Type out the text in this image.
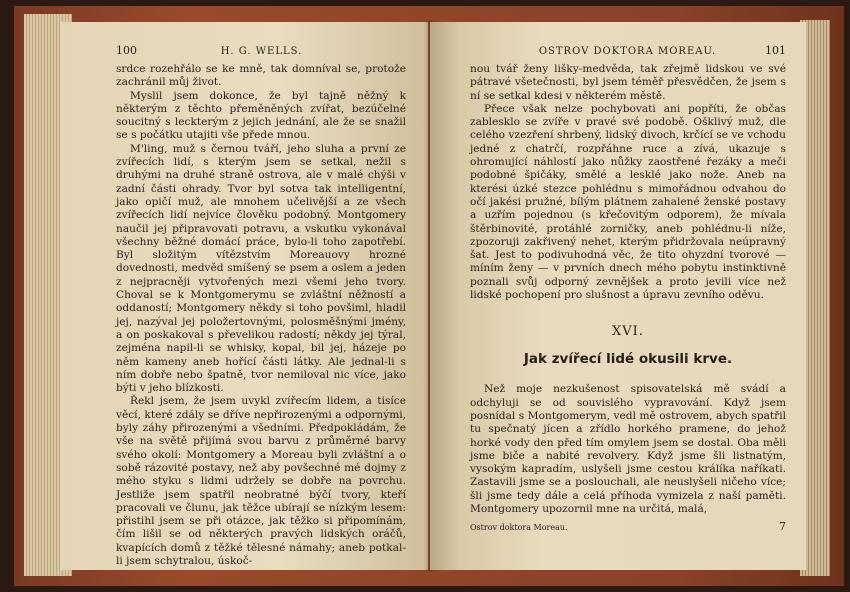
100	H. G. WELLS.

srdce rozehřálo se ke mně, tak domníval se, protože zachránil můj život.

Myslil jsem dokonce, že byl tajně něžný k některým z těchto přeměněných zvířat, bezúčelné soucitný s leckterým z jejich jednání, ale že se snažil se s počátku utajiti vše přede mnou.

M'ling, muž s černou tváří, jeho sluha a první ze zvířecích lidí, s kterým jsem se setkal, nežil s druhými na druhé straně ostrova, ale v malé chýši v zadní části ohrady. Tvor byl sotva tak intelligentní, jako opičí muž, ale mnohem učelivější a ze všech zvířecích lidí nejvíce člověku podobný. Montgomery naučil jej připravovati potravu, a vskutku vykonával všechny běžné domácí práce, bylo-li toho zapotřebí. Byl složitým vítězstvím Moreauovy hrozné dovednosti, medvěd smíšený se psem a oslem a jeden z nejpracněji vytvořených mezi všemi jeho tvory. Choval se k Montgomerymu se zvláštní něžností a oddaností; Montgomery někdy si toho povšiml, hladil jej, nazýval jej položertovnými, polosměšnými jmény, a on poskakoval s převelikou radostí; někdy jej týral, zejména napil-li se whisky, kopal, bil jej, házeje po něm kameny aneb hořící části látky. Ale jednal-li s ním dobře nebo špatně, tvor nemiloval nic více, jako býti v jeho blízkosti.

Řekl jsem, že jsem uvykl zvířecím lidem, a tisíce věcí, které zdály se dříve nepřirozenými a odpornými, byly záhy přirozenými a všedními. Předpokládám, že vše na světě přijímá svou barvu z průměrné barvy svého okolí: Montgomery a Moreau byli zvláštní a o sobě rázovité postavy, než aby povšechné mé dojmy z mého styku s lidmi udržely se dobře na povrchu. Jestliže jsem spatřil neobratné býčí tvory, kteří pracovali ve člunu, jak těžce ubírají se nízkým lesem: přistihl jsem se při otázce, jak těžko si připomínám, čím lišil se od některých pravých lidských oráčů, kvapících domů z těžké tělesné námahy; aneb potkal-li jsem schytralou, úskoč-

OSTROV DOKTORA MOREAU.	101

nou tvář ženy lišky-medvěda, tak zřejmě lidskou ve své pátravé všetečnosti, byl jsem téměř přesvědčen, že jsem s ní se setkal kdesi v některém městě.

Přece však nelze pochybovati ani popříti, že občas zablesklo se zvíře v pravé své podobě. Ošklivý muž, dle celého vzezření shrbený, lidský divoch, krčící se ve vchodu jedné z chatrčí, rozpřáhne ruce a zívá, ukazuje s ohromující náhlostí jako nůžky zaostřené řezáky a meči podobné špičáky, smělé a lesklé jako nože. Aneb na kterési úzké stezce pohlédnu s mimořádnou odvahou do očí jakési pružné, bílým plátnem zahalené ženské postavy a uzřím pojednou (s křečovitým odporem), že mívala štěrbinovité, protáhlé zorničky, aneb pohlédnu-li níže, zpozoruji zakřivený nehet, kterým přidržovala neúpravný šat. Jest to podivuhodná věc, že tito ohyzdní tvorové — míním ženy — v prvních dnech mého pobytu instinktivně poznali svůj odporný zevnějšek a proto jevili více než lidské pochopení pro slušnost a úpravu zevního oděvu.

XVI.
Jak zvířecí lidé okusili krve.

Než moje nezkušenost spisovatelská mě svádí a odchyluji se od souvislého vypravování. Když jsem posnídal s Montgomerym, vedl mě ostrovem, abych spatřil tu spečnatý jícen a zřídlo horkého pramene, do jehož horké vody den před tím omylem jsem se dostal. Oba měli jsme biče a nabité revolvery. Když jsme šli listnatým, vysokým kapradím, uslyšeli jsme cestou králíka naříkati. Zastavili jsme se a poslouchali, ale neuslyšeli ničeho více; šli jsme tedy dále a celá příhoda vymizela z naší paměti. Montgomery upozornil mne na určitá, malá,

Ostrov doktora Moreau.	7
